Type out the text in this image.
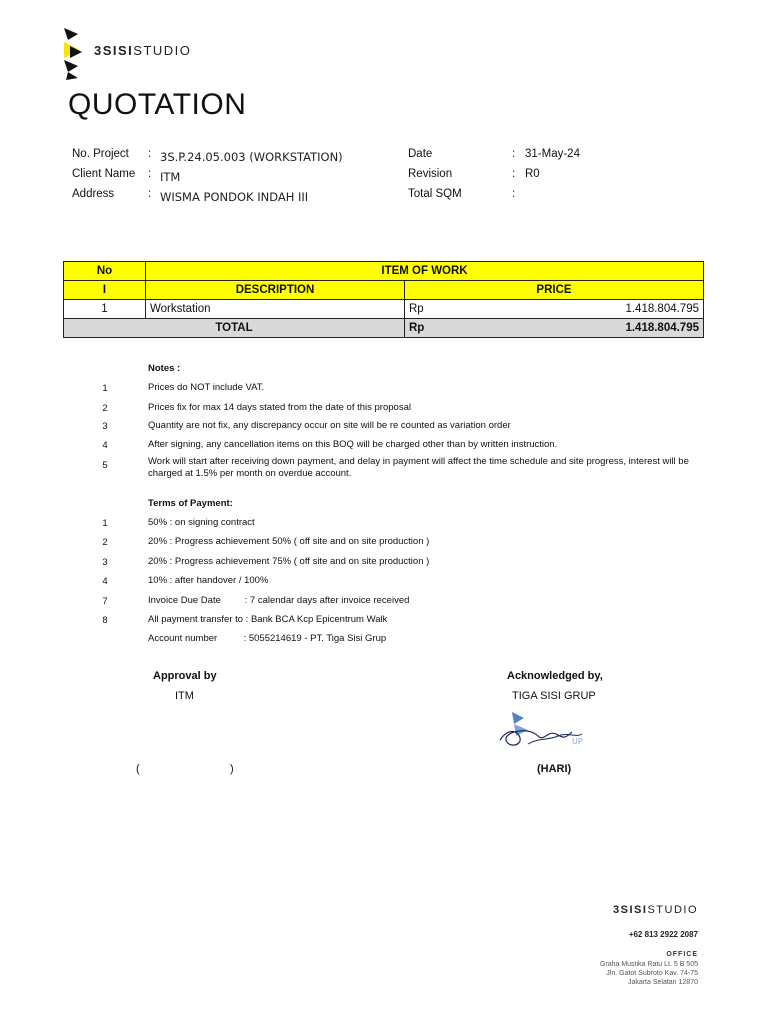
3SISISTUDIO
QUOTATION
No. Project : 3S.P.24.05.003 (WORKSTATION)
Client Name : ITM
Address	: WISMA PONDOK INDAH III
Date	: 31-May-24
Revision	: R0
Total SQM	:
No	ITEM OF WORK		
I	DESCRIPTION	PRICE	
1	Workstation	Rp	1.418.804.795
TOTAL		Rp	1.418.804.795
Notes :
1	Prices do NOT include VAT.
2	Prices fix for max 14 days stated from the date of this proposal
3	Quantity are not fix, any discrepancy occur on site will be re counted as variation order
4	After signing, any cancellation items on this BOQ will be charged other than by written instruction.
5	Work will start after receiving down payment, and delay in payment will affect the time schedule and site progress, interest will be charged at 1.5% per month on overdue account.
Terms of Payment:
1	50% : on signing contract
2	20% : Progress achievement 50% ( off site and on site production )
3	20% : Progress achievement 75% ( off site and on site production )
4	10% : after handover / 100%
7	Invoice Due Date         : 7 calendar days after invoice received
8	All payment transfer to : Bank BCA Kcp Epicentrum Walk
Account number          : 5055214619 - PT. Tiga Sisi Grup
Approval by
ITM
(	)
Acknowledged by,
TIGA SISI GRUP
UP
(HARI)
3SISISTUDIO
+62 813 2922 2087
OFFICE
Graha Mustika Ratu Lt. 5 B 505
Jln. Gatot Subroto Kav. 74-75
Jakarta Selatan 12870
